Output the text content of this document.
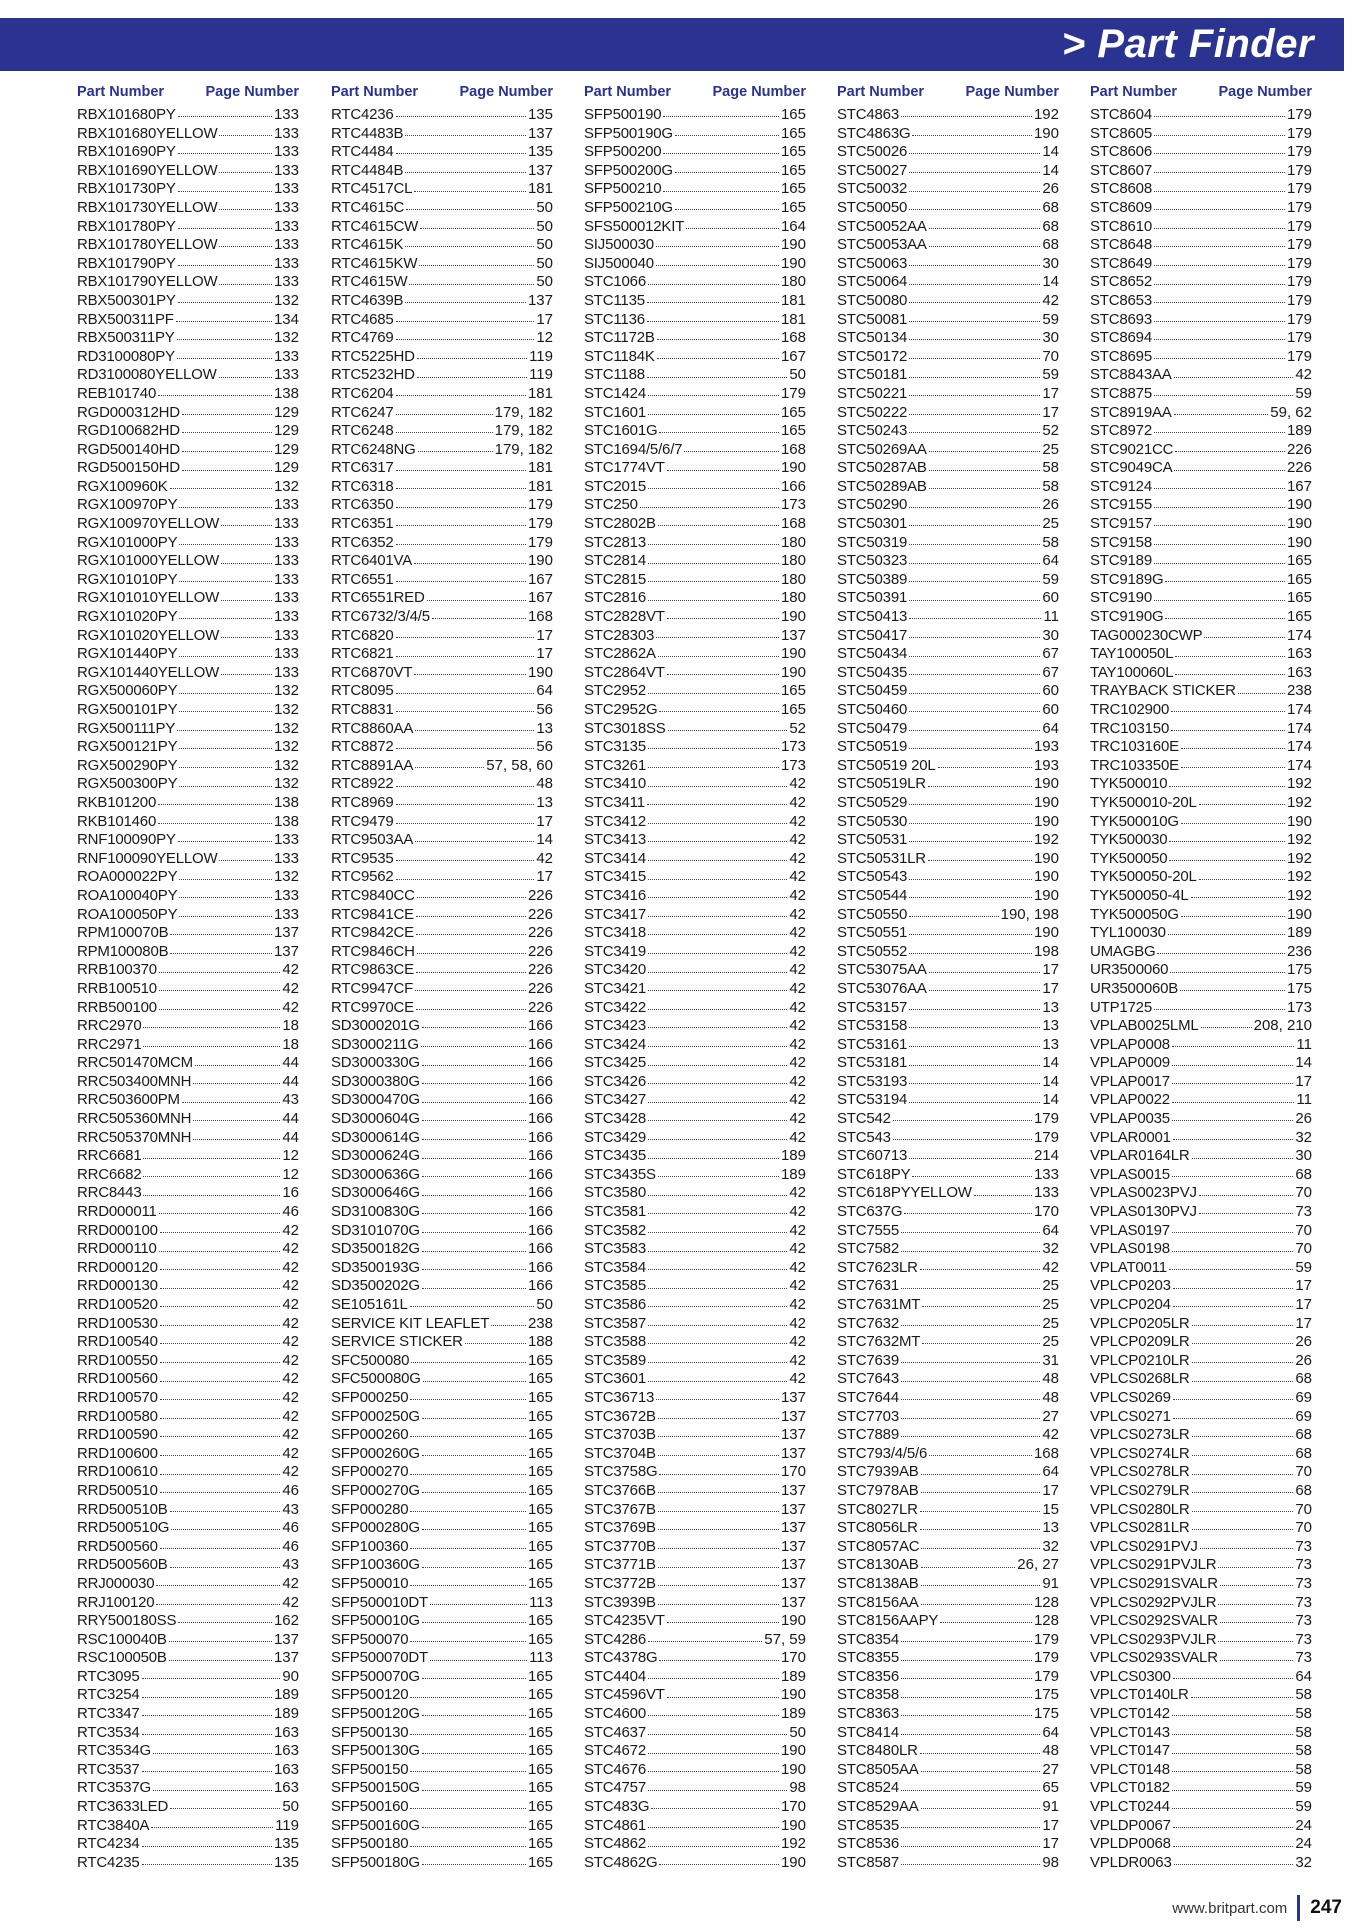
> Part Finder
Part Number	Page Number
RBX101680PY	133
RBX101680YELLOW	133
RBX101690PY	133
RBX101690YELLOW	133
RBX101730PY	133
RBX101730YELLOW	133
RBX101780PY	133
RBX101780YELLOW	133
RBX101790PY	133
RBX101790YELLOW	133
RBX500301PY	132
RBX500311PF	134
RBX500311PY	132
RD3100080PY	133
RD3100080YELLOW	133
REB101740	138
RGD000312HD	129
RGD100682HD	129
RGD500140HD	129
RGD500150HD	129
RGX100960K	132
RGX100970PY	133
RGX100970YELLOW	133
RGX101000PY	133
RGX101000YELLOW	133
RGX101010PY	133
RGX101010YELLOW	133
RGX101020PY	133
RGX101020YELLOW	133
RGX101440PY	133
RGX101440YELLOW	133
RGX500060PY	132
RGX500101PY	132
RGX500111PY	132
RGX500121PY	132
RGX500290PY	132
RGX500300PY	132
RKB101200	138
RKB101460	138
RNF100090PY	133
RNF100090YELLOW	133
ROA000022PY	132
ROA100040PY	133
ROA100050PY	133
RPM100070B	137
RPM100080B	137
RRB100370	42
RRB100510	42
RRB500100	42
RRC2970	18
RRC2971	18
RRC501470MCM	44
RRC503400MNH	44
RRC503600PM	43
RRC505360MNH	44
RRC505370MNH	44
RRC6681	12
RRC6682	12
RRC8443	16
RRD000011	46
RRD000100	42
RRD000110	42
RRD000120	42
RRD000130	42
RRD100520	42
RRD100530	42
RRD100540	42
RRD100550	42
RRD100560	42
RRD100570	42
RRD100580	42
RRD100590	42
RRD100600	42
RRD100610	42
RRD500510	46
RRD500510B	43
RRD500510G	46
RRD500560	46
RRD500560B	43
RRJ000030	42
RRJ100120	42
RRY500180SS	162
RSC100040B	137
RSC100050B	137
RTC3095	90
RTC3254	189
RTC3347	189
RTC3534	163
RTC3534G	163
RTC3537	163
RTC3537G	163
RTC3633LED	50
RTC3840A	119
RTC4234	135
RTC4235	135
Part Number	Page Number
RTC4236	135
RTC4483B	137
RTC4484	135
RTC4484B	137
RTC4517CL	181
RTC4615C	50
RTC4615CW	50
RTC4615K	50
RTC4615KW	50
RTC4615W	50
RTC4639B	137
RTC4685	17
RTC4769	12
RTC5225HD	119
RTC5232HD	119
RTC6204	181
RTC6247	179, 182
RTC6248	179, 182
RTC6248NG	179, 182
RTC6317	181
RTC6318	181
RTC6350	179
RTC6351	179
RTC6352	179
RTC6401VA	190
RTC6551	167
RTC6551RED	167
RTC6732/3/4/5	168
RTC6820	17
RTC6821	17
RTC6870VT	190
RTC8095	64
RTC8831	56
RTC8860AA	13
RTC8872	56
RTC8891AA	57, 58, 60
RTC8922	48
RTC8969	13
RTC9479	17
RTC9503AA	14
RTC9535	42
RTC9562	17
RTC9840CC	226
RTC9841CE	226
RTC9842CE	226
RTC9846CH	226
RTC9863CE	226
RTC9947CF	226
RTC9970CE	226
SD3000201G	166
SD3000211G	166
SD3000330G	166
SD3000380G	166
SD3000470G	166
SD3000604G	166
SD3000614G	166
SD3000624G	166
SD3000636G	166
SD3000646G	166
SD3100830G	166
SD3101070G	166
SD3500182G	166
SD3500193G	166
SD3500202G	166
SE105161L	50
SERVICE KIT LEAFLET	238
SERVICE STICKER	188
SFC500080	165
SFC500080G	165
SFP000250	165
SFP000250G	165
SFP000260	165
SFP000260G	165
SFP000270	165
SFP000270G	165
SFP000280	165
SFP000280G	165
SFP100360	165
SFP100360G	165
SFP500010	165
SFP500010DT	113
SFP500010G	165
SFP500070	165
SFP500070DT	113
SFP500070G	165
SFP500120	165
SFP500120G	165
SFP500130	165
SFP500130G	165
SFP500150	165
SFP500150G	165
SFP500160	165
SFP500160G	165
SFP500180	165
SFP500180G	165
Part Number	Page Number
SFP500190	165
SFP500190G	165
SFP500200	165
SFP500200G	165
SFP500210	165
SFP500210G	165
SFS500012KIT	164
SIJ500030	190
SIJ500040	190
STC1066	180
STC1135	181
STC1136	181
STC1172B	168
STC1184K	167
STC1188	50
STC1424	179
STC1601	165
STC1601G	165
STC1694/5/6/7	168
STC1774VT	190
STC2015	166
STC250	173
STC2802B	168
STC2813	180
STC2814	180
STC2815	180
STC2816	180
STC2828VT	190
STC28303	137
STC2862A	190
STC2864VT	190
STC2952	165
STC2952G	165
STC3018SS	52
STC3135	173
STC3261	173
STC3410	42
STC3411	42
STC3412	42
STC3413	42
STC3414	42
STC3415	42
STC3416	42
STC3417	42
STC3418	42
STC3419	42
STC3420	42
STC3421	42
STC3422	42
STC3423	42
STC3424	42
STC3425	42
STC3426	42
STC3427	42
STC3428	42
STC3429	42
STC3435	189
STC3435S	189
STC3580	42
STC3581	42
STC3582	42
STC3583	42
STC3584	42
STC3585	42
STC3586	42
STC3587	42
STC3588	42
STC3589	42
STC3601	42
STC36713	137
STC3672B	137
STC3703B	137
STC3704B	137
STC3758G	170
STC3766B	137
STC3767B	137
STC3769B	137
STC3770B	137
STC3771B	137
STC3772B	137
STC3939B	137
STC4235VT	190
STC4286	57, 59
STC4378G	170
STC4404	189
STC4596VT	190
STC4600	189
STC4637	50
STC4672	190
STC4676	190
STC4757	98
STC483G	170
STC4861	190
STC4862	192
STC4862G	190
Part Number	Page Number
STC4863	192
STC4863G	190
STC50026	14
STC50027	14
STC50032	26
STC50050	68
STC50052AA	68
STC50053AA	68
STC50063	30
STC50064	14
STC50080	42
STC50081	59
STC50134	30
STC50172	70
STC50181	59
STC50221	17
STC50222	17
STC50243	52
STC50269AA	25
STC50287AB	58
STC50289AB	58
STC50290	26
STC50301	25
STC50319	58
STC50323	64
STC50389	59
STC50391	60
STC50413	11
STC50417	30
STC50434	67
STC50435	67
STC50459	60
STC50460	60
STC50479	64
STC50519	193
STC50519 20L	193
STC50519LR	190
STC50529	190
STC50530	190
STC50531	192
STC50531LR	190
STC50543	190
STC50544	190
STC50550	190, 198
STC50551	190
STC50552	198
STC53075AA	17
STC53076AA	17
STC53157	13
STC53158	13
STC53161	13
STC53181	14
STC53193	14
STC53194	14
STC542	179
STC543	179
STC60713	214
STC618PY	133
STC618PYYELLOW	133
STC637G	170
STC7555	64
STC7582	32
STC7623LR	42
STC7631	25
STC7631MT	25
STC7632	25
STC7632MT	25
STC7639	31
STC7643	48
STC7644	48
STC7703	27
STC7889	42
STC793/4/5/6	168
STC7939AB	64
STC7978AB	17
STC8027LR	15
STC8056LR	13
STC8057AC	32
STC8130AB	26, 27
STC8138AB	91
STC8156AA	128
STC8156AAPY	128
STC8354	179
STC8355	179
STC8356	179
STC8358	175
STC8363	175
STC8414	64
STC8480LR	48
STC8505AA	27
STC8524	65
STC8529AA	91
STC8535	17
STC8536	17
STC8587	98
Part Number	Page Number
STC8604	179
STC8605	179
STC8606	179
STC8607	179
STC8608	179
STC8609	179
STC8610	179
STC8648	179
STC8649	179
STC8652	179
STC8653	179
STC8693	179
STC8694	179
STC8695	179
STC8843AA	42
STC8875	59
STC8919AA	59, 62
STC8972	189
STC9021CC	226
STC9049CA	226
STC9124	167
STC9155	190
STC9157	190
STC9158	190
STC9189	165
STC9189G	165
STC9190	165
STC9190G	165
TAG000230CWP	174
TAY100050L	163
TAY100060L	163
TRAYBACK STICKER	238
TRC102900	174
TRC103150	174
TRC103160E	174
TRC103350E	174
TYK500010	192
TYK500010-20L	192
TYK500010G	190
TYK500030	192
TYK500050	192
TYK500050-20L	192
TYK500050-4L	192
TYK500050G	190
TYL100030	189
UMAGBG	236
UR3500060	175
UR3500060B	175
UTP1725	173
VPLAB0025LML	208, 210
VPLAP0008	11
VPLAP0009	14
VPLAP0017	17
VPLAP0022	11
VPLAP0035	26
VPLAR0001	32
VPLAR0164LR	30
VPLAS0015	68
VPLAS0023PVJ	70
VPLAS0130PVJ	73
VPLAS0197	70
VPLAS0198	70
VPLAT0011	59
VPLCP0203	17
VPLCP0204	17
VPLCP0205LR	17
VPLCP0209LR	26
VPLCP0210LR	26
VPLCS0268LR	68
VPLCS0269	69
VPLCS0271	69
VPLCS0273LR	68
VPLCS0274LR	68
VPLCS0278LR	70
VPLCS0279LR	68
VPLCS0280LR	70
VPLCS0281LR	70
VPLCS0291PVJ	73
VPLCS0291PVJLR	73
VPLCS0291SVALR	73
VPLCS0292PVJLR	73
VPLCS0292SVALR	73
VPLCS0293PVJLR	73
VPLCS0293SVALR	73
VPLCS0300	64
VPLCT0140LR	58
VPLCT0142	58
VPLCT0143	58
VPLCT0147	58
VPLCT0148	58
VPLCT0182	59
VPLCT0244	59
VPLDP0067	24
VPLDP0068	24
VPLDR0063	32
www.britpart.com 247
